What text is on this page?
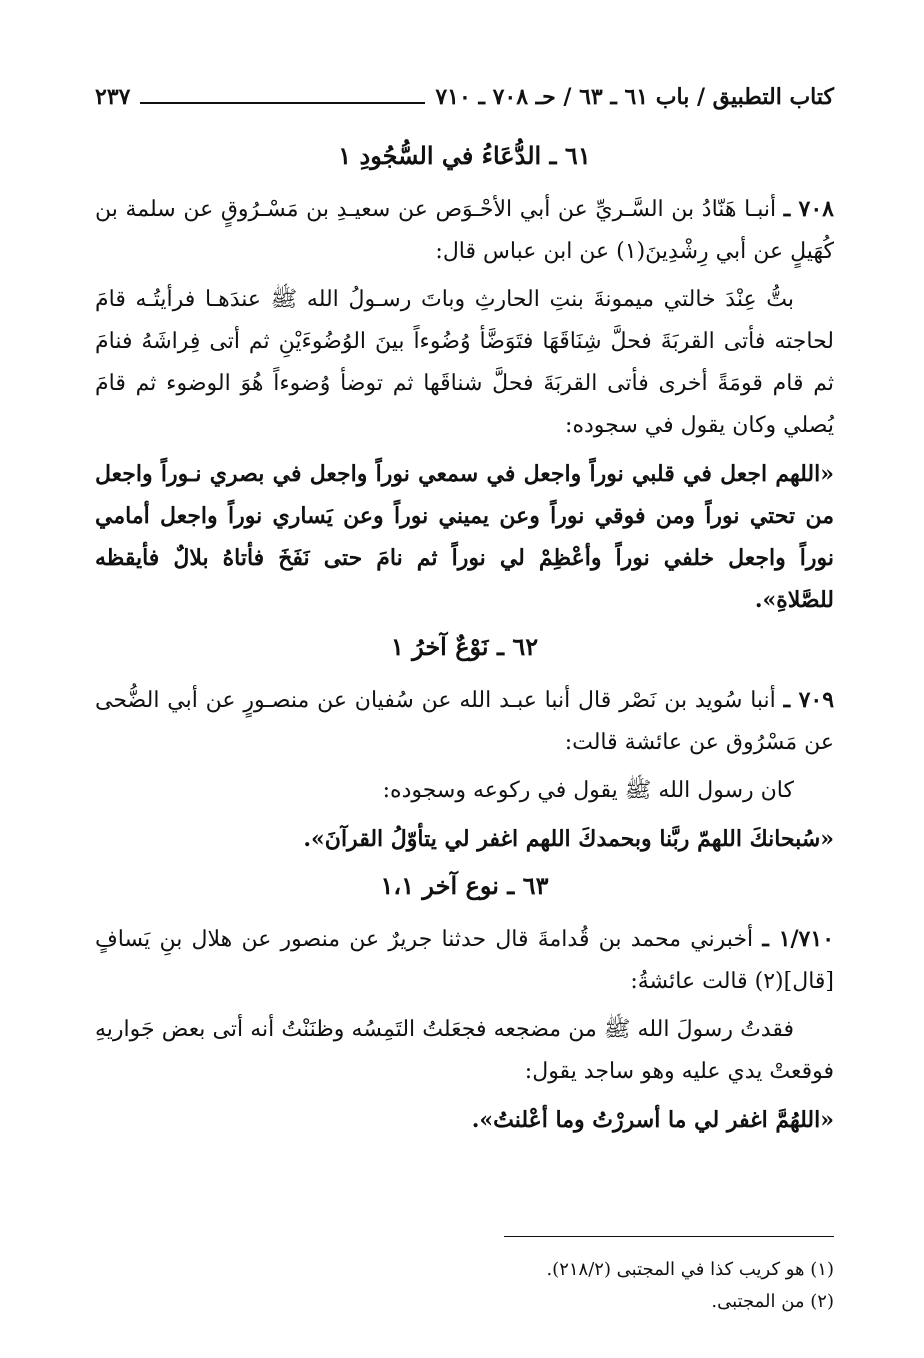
كتاب التطبيق / باب ٦١ ـ ٦٣ / حـ ٧٠٨ ـ ٧١٠
٢٣٧
٦١ ـ الدُّعَاءُ في السُّجُودِ ١

٧٠٨ ـ أنبـا هَنّادُ بن السَّـريِّ عن أبي الأحْـوَص عن سعيـدِ بن مَسْـرُوقٍ عن سلمة بن كُهَيلٍ عن أبي رِشْدِينَ(١) عن ابن عباس قال:

بتُّ عِنْدَ خالتي ميمونةَ بنتِ الحارثِ وباتَ رسـولُ الله ﷺ عندَهـا فرأيتُـه قامَ لحاجته فأتى القربَةَ فحلَّ شِنَاقَهَا فتَوَضَّأ وُضُوءاً بينَ الوُضُوءَيْنِ ثم أتى فِراشَهُ فنامَ ثم قام قومَةً أخرى فأتى القربَةَ فحلَّ شناقَها ثم توضأ وُضوءاً هُوَ الوضوء ثم قامَ يُصلي وكان يقول في سجوده:

«اللهم اجعل في قلبي نوراً واجعل في سمعي نوراً واجعل في بصري نـوراً واجعل من تحتي نوراً ومن فوقي نوراً وعن يميني نوراً وعن يَساري نوراً واجعل أمامي نوراً واجعل خلفي نوراً وأعْظِمْ لي نوراً ثم نامَ حتى نَفَخَ فأتاهُ بلالٌ فأيقظه للصَّلاةِ».

٦٢ ـ نَوْعٌ آخرُ ١

٧٠٩ ـ أنبا سُويد بن نَصْر قال أنبا عبـد الله عن سُفيان عن منصـورٍ عن أبي الضُّحى عن مَسْرُوق عن عائشة قالت:

كان رسول الله ﷺ يقول في ركوعه وسجوده:

«سُبحانكَ اللهمّ ربَّنا وبحمدكَ اللهم اغفر لي يتأوّلُ القرآنَ».

٦٣ ـ نوع آخر ١،١

١/٧١٠ ـ أخبرني محمد بن قُدامةَ قال حدثنا جريرٌ عن منصور عن هلال بنِ يَسافٍ [قال](٢) قالت عائشةُ:

فقدتُ رسولَ الله ﷺ من مضجعه فجعَلتُ التَمِسُه وظنَنْتُ أنه أتى بعض جَواريهِ فوقعتْ يدي عليه وهو ساجد يقول:

«اللهُمَّ اغفر لي ما أسررْتُ وما أعْلنتُ».

(١) هو كريب كذا في المجتبى (٢١٨/٢).
(٢) من المجتبى.
